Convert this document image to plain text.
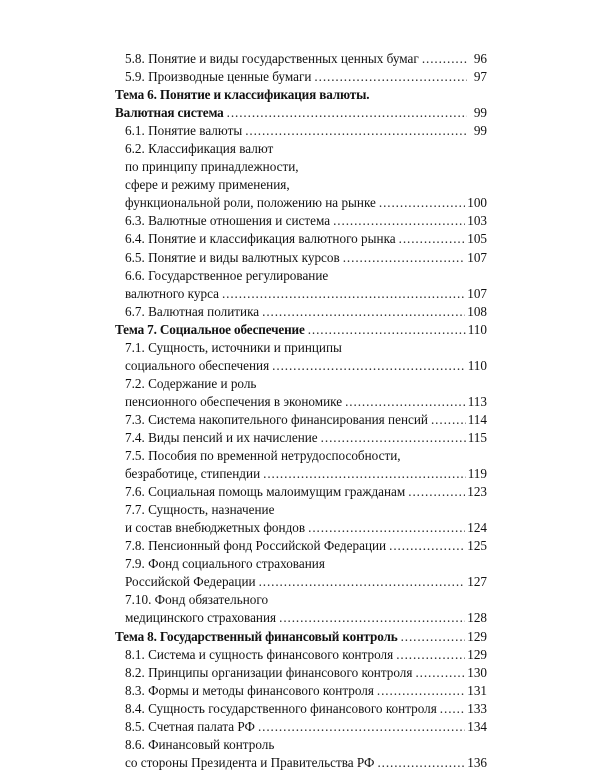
5.8. Понятие и виды государственных ценных бумаг .....	96
5.9. Производные ценные бумаги .....	97
Тема 6. Понятие и классификация валюты.
Валютная система .....	99
6.1. Понятие валюты .....	99
6.2. Классификация валют
по принципу принадлежности,
сфере и режиму применения,
функциональной роли, положению на рынке .....	100
6.3. Валютные отношения и система .....	103
6.4. Понятие и классификация валютного рынка .....	105
6.5. Понятие и виды валютных курсов .....	107
6.6. Государственное регулирование
валютного курса .....	107
6.7. Валютная политика .....	108
Тема 7. Социальное обеспечение .....	110
7.1. Сущность, источники и принципы
социального обеспечения .....	110
7.2. Содержание и роль
пенсионного обеспечения в экономике .....	113
7.3. Система накопительного финансирования пенсий .....	114
7.4. Виды пенсий и их начисление .....	115
7.5. Пособия по временной нетрудоспособности,
безработице, стипендии .....	119
7.6. Социальная помощь малоимущим гражданам .....	123
7.7. Сущность, назначение
и состав внебюджетных фондов .....	124
7.8. Пенсионный фонд Российской Федерации .....	125
7.9. Фонд социального страхования
Российской Федерации .....	127
7.10. Фонд обязательного
медицинского страхования .....	128
Тема 8. Государственный финансовый контроль .....	129
8.1. Система и сущность финансового контроля .....	129
8.2. Принципы организации финансового контроля .....	130
8.3. Формы и методы финансового контроля .....	131
8.4. Сущность государственного финансового контроля ..... 133
8.5. Счетная палата РФ .....	134
8.6. Финансовый контроль
со стороны Президента и Правительства РФ .....	136
